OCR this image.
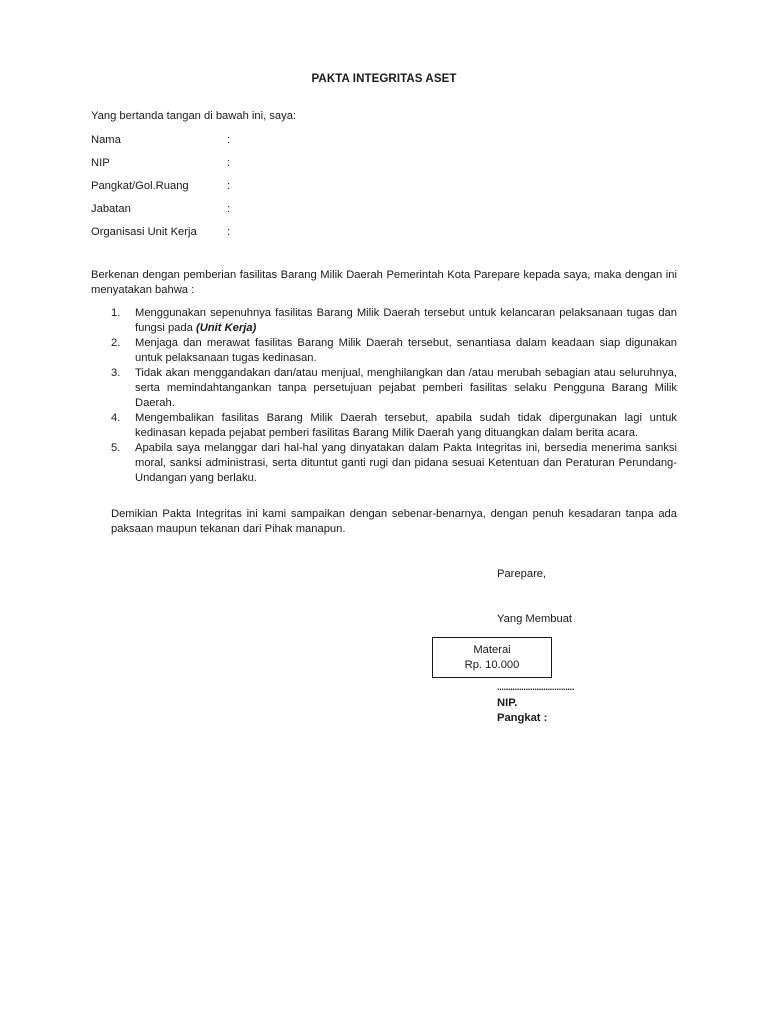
PAKTA INTEGRITAS ASET
Yang bertanda tangan di bawah ini, saya:
Nama	:
NIP	:
Pangkat/Gol.Ruang	:
Jabatan	:
Organisasi Unit Kerja	:
Berkenan dengan pemberian fasilitas Barang Milik Daerah Pemerintah Kota Parepare kepada saya, maka dengan ini menyatakan bahwa :
1.	Menggunakan sepenuhnya fasilitas Barang Milik Daerah tersebut untuk kelancaran pelaksanaan tugas dan fungsi pada (Unit Kerja)
2.	Menjaga dan merawat fasilitas Barang Milik Daerah tersebut, senantiasa dalam keadaan siap digunakan untuk pelaksanaan tugas kedinasan.
3.	Tidak akan menggandakan dan/atau menjual, menghilangkan dan /atau merubah sebagian atau seluruhnya, serta memindahtangankan tanpa persetujuan pejabat pemberi fasilitas selaku Pengguna Barang Milik Daerah.
4.	Mengembalikan fasilitas Barang Milik Daerah tersebut, apabila sudah tidak dipergunakan lagi untuk kedinasan kepada pejabat pemberi fasilitas Barang Milik Daerah yang dituangkan dalam berita acara.
5.	Apabila saya melanggar dari hal-hal yang dinyatakan dalam Pakta Integritas ini, bersedia menerima sanksi moral, sanksi administrasi, serta dituntut ganti rugi dan pidana sesuai Ketentuan dan Peraturan Perundang-Undangan yang berlaku.
Demikian Pakta Integritas ini kami sampaikan dengan sebenar-benarnya, dengan penuh kesadaran tanpa ada paksaan maupun tekanan dari Pihak manapun.
Parepare,
Yang Membuat
Materai
Rp. 10.000
...................................
NIP.
Pangkat :
